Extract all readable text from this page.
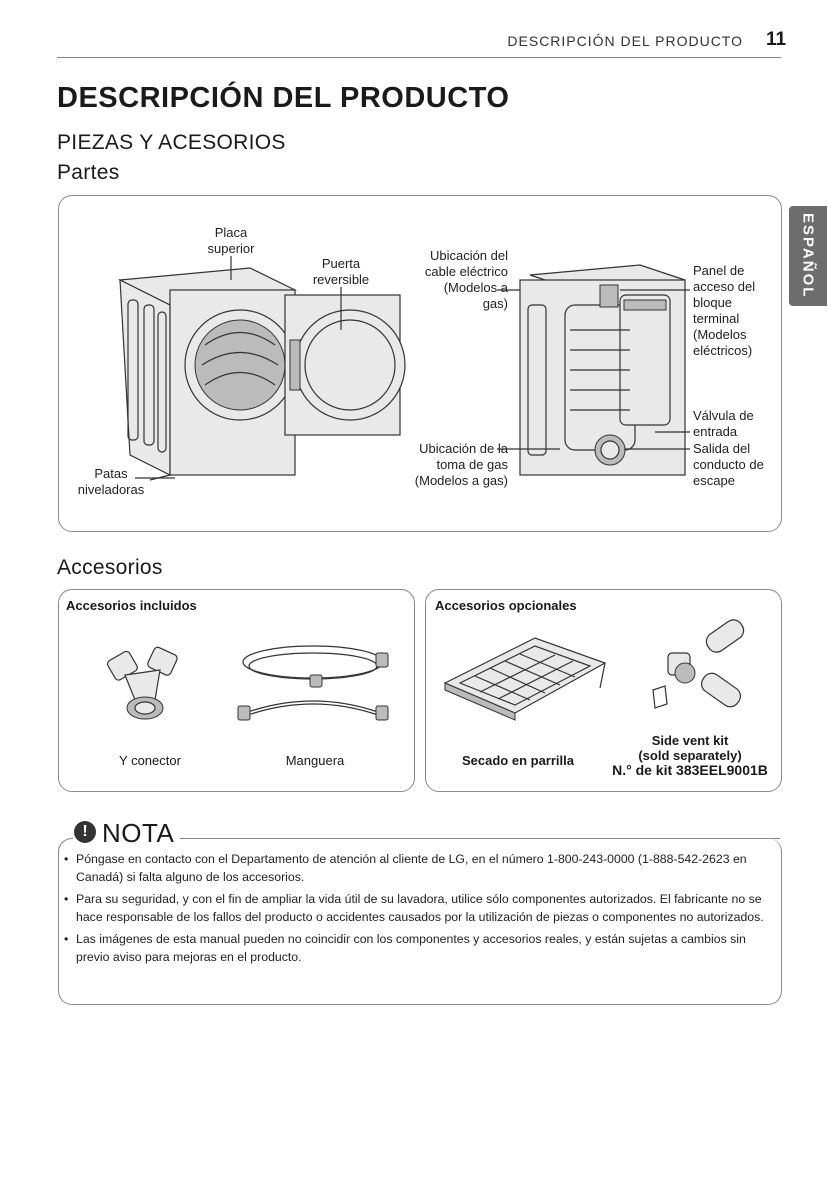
DESCRIPCIÓN DEL PRODUCTO 11
ESPAÑOL
DESCRIPCIÓN DEL PRODUCTO
PIEZAS Y ACESORIOS
Partes
Placa superior
Puerta reversible
Patas niveladoras
Ubicación del cable eléctrico (Modelos a gas)
Ubicación de la toma de gas (Modelos a gas)
Panel de acceso del bloque terminal (Modelos eléctricos)
Válvula de entrada
Salida del conducto de escape
Accesorios
Accesorios incluidos
Y conector	Manguera
Accesorios opcionales
Secado en parrilla
Side vent kit
(sold separately)
N.° de kit 383EEL9001B
! NOTA
• Póngase en contacto con el Departamento de atención al cliente de LG, en el número 1-800-243-0000 (1-888-542-2623 en Canadá) si falta alguno de los accesorios.
• Para su seguridad, y con el fin de ampliar la vida útil de su lavadora, utilice sólo componentes autorizados. El fabricante no se hace responsable de los fallos del producto o accidentes causados por la utilización de piezas o componentes no autorizados.
• Las imágenes de esta manual pueden no coincidir con los componentes y accesorios reales, y están sujetas a cambios sin previo aviso para mejoras en el producto.
